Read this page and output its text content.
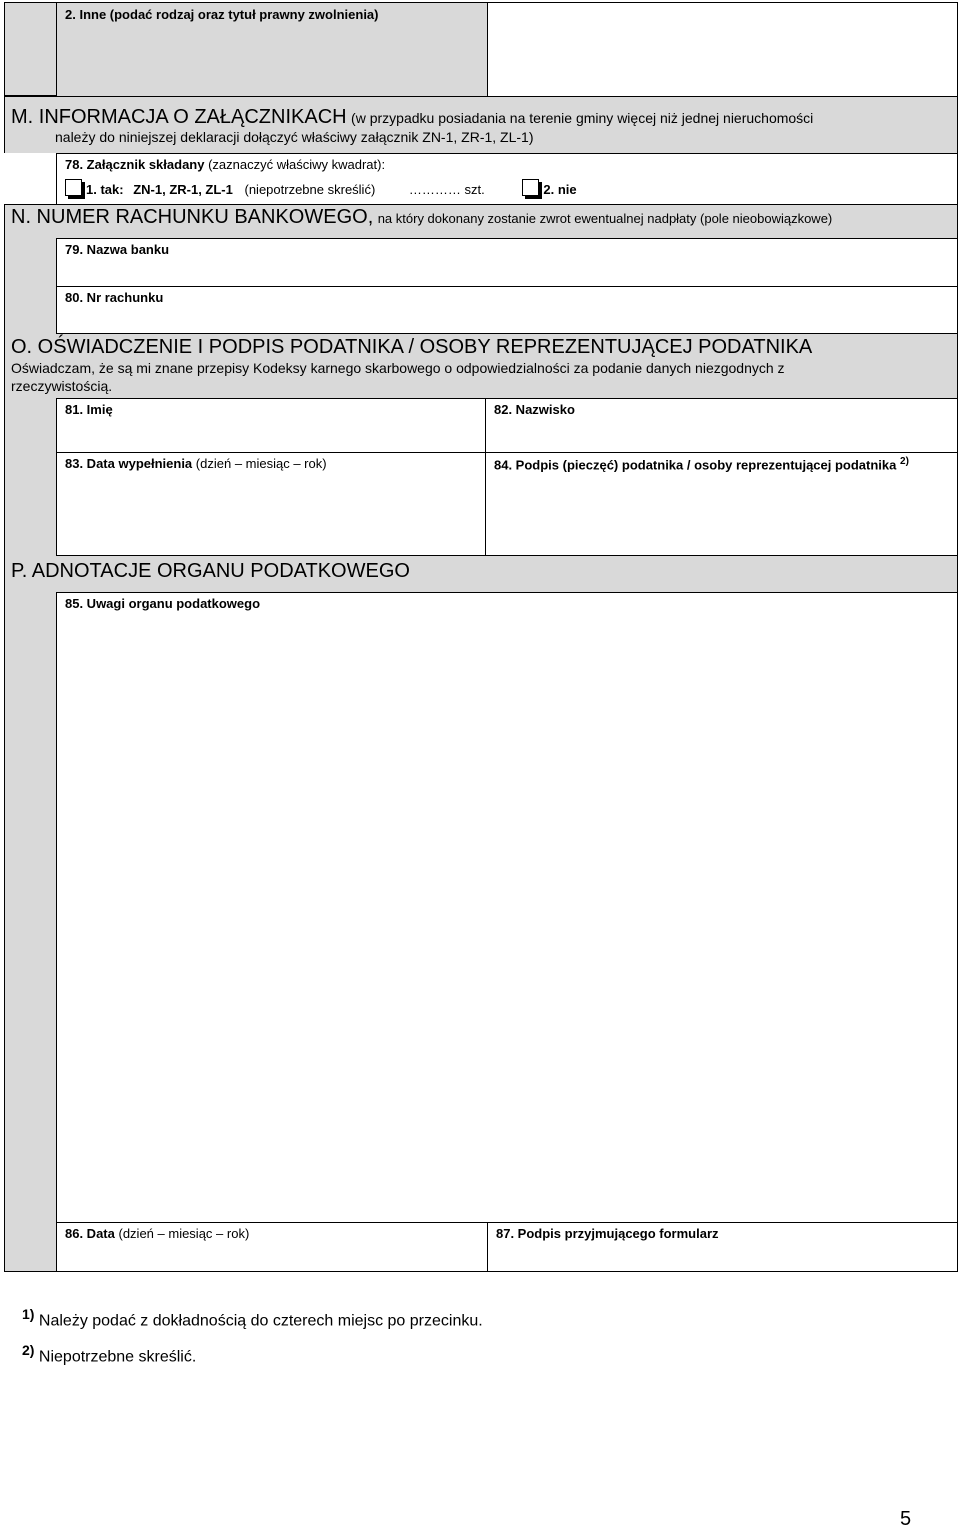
2. Inne (podać rodzaj oraz tytuł prawny zwolnienia)
M. INFORMACJA O ZAŁĄCZNIKACH (w przypadku posiadania na terenie gminy więcej niż jednej nieruchomości
należy do niniejszej deklaracji dołączyć właściwy załącznik ZN-1, ZR-1, ZL-1)
78. Załącznik składany (zaznaczyć właściwy kwadrat):
1. tak: ZN-1, ZR-1, ZL-1 (niepotrzebne skreślić)	………… szt.	2. nie
N. NUMER RACHUNKU BANKOWEGO, na który dokonany zostanie zwrot ewentualnej nadpłaty (pole nieobowiązkowe)
79. Nazwa banku
80. Nr rachunku
O. OŚWIADCZENIE I PODPIS PODATNIKA / OSOBY REPREZENTUJĄCEJ PODATNIKA
Oświadczam, że są mi znane przepisy Kodeksy karnego skarbowego o odpowiedzialności za podanie danych niezgodnych z
rzeczywistością.
81. Imię	82. Nazwisko
83. Data wypełnienia (dzień – miesiąc – rok)	84. Podpis (pieczęć) podatnika / osoby reprezentującej podatnika $^{2)}$
P. ADNOTACJE ORGANU PODATKOWEGO
85. Uwagi organu podatkowego
86. Data (dzień – miesiąc – rok)	87. Podpis przyjmującego formularz
$^{1)}$ Należy podać z dokładnością do czterech miejsc po przecinku.
$^{2)}$ Niepotrzebne skreślić.
5
